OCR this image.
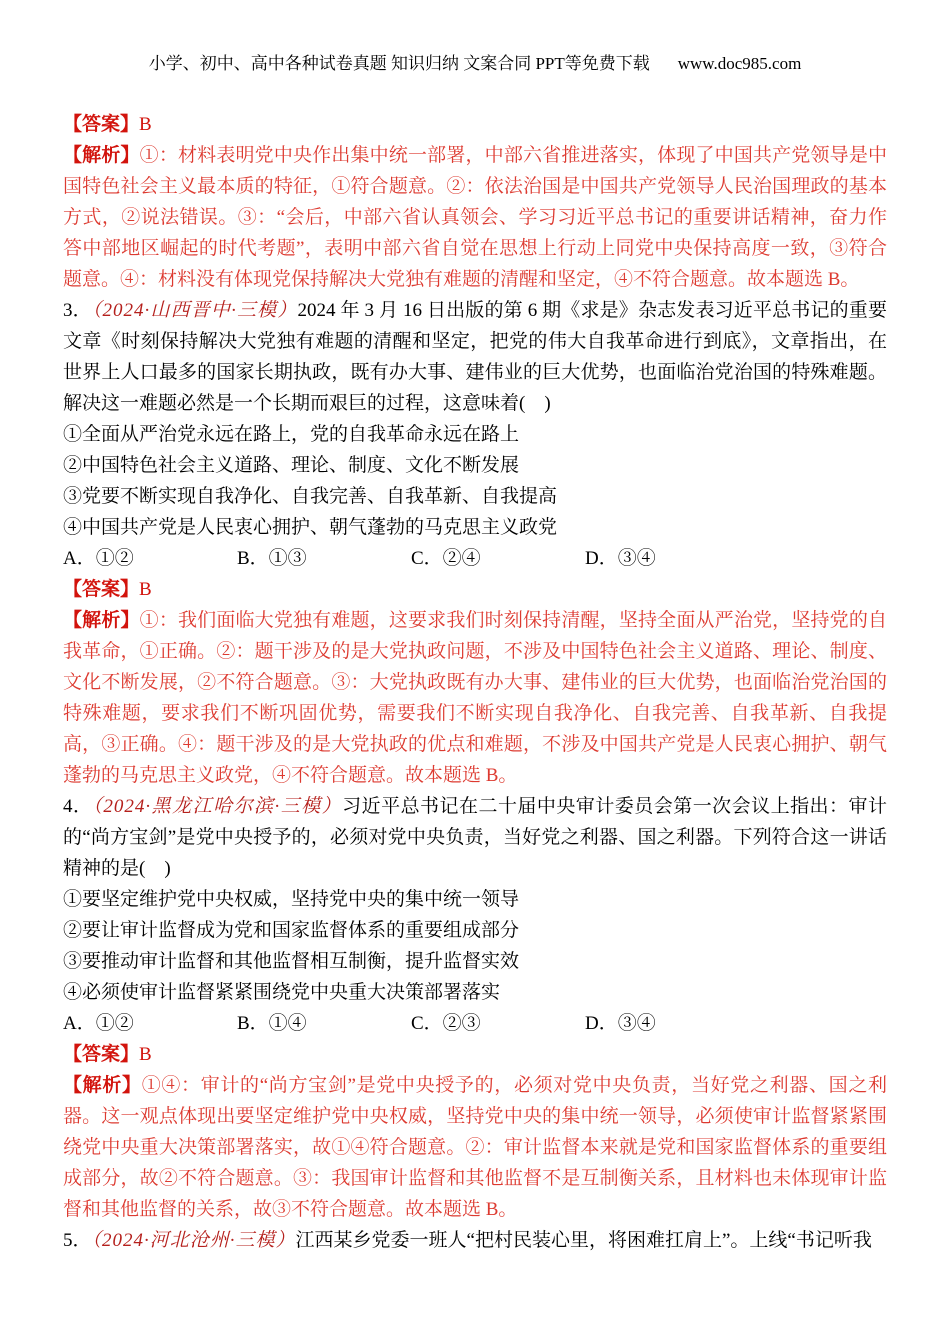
小学、初中、高中各种试卷真题 知识归纳 文案合同 PPT等免费下载 www.doc985.com

【答案】B

【解析】①：材料表明党中央作出集中统一部署，中部六省推进落实，体现了中国共产党领导是中国特色社会主义最本质的特征，①符合题意。②：依法治国是中国共产党领导人民治国理政的基本方式，②说法错误。③：“会后，中部六省认真领会、学习习近平总书记的重要讲话精神，奋力作答中部地区崛起的时代考题”，表明中部六省自觉在思想上行动上同党中央保持高度一致，③符合题意。④：材料没有体现党保持解决大党独有难题的清醒和坚定，④不符合题意。故本题选 B。

3．（2024·山西晋中·三模）2024 年 3 月 16 日出版的第 6 期《求是》杂志发表习近平总书记的重要文章《时刻保持解决大党独有难题的清醒和坚定，把党的伟大自我革命进行到底》，文章指出，在世界上人口最多的国家长期执政，既有办大事、建伟业的巨大优势，也面临治党治国的特殊难题。解决这一难题必然是一个长期而艰巨的过程，这意味着(　)

①全面从严治党永远在路上，党的自我革命永远在路上

②中国特色社会主义道路、理论、制度、文化不断发展

③党要不断实现自我净化、自我完善、自我革新、自我提高

④中国共产党是人民衷心拥护、朝气蓬勃的马克思主义政党

A．①②	B．①③	C．②④	D．③④

【答案】B

【解析】①：我们面临大党独有难题，这要求我们时刻保持清醒，坚持全面从严治党，坚持党的自我革命，①正确。②：题干涉及的是大党执政问题，不涉及中国特色社会主义道路、理论、制度、文化不断发展，②不符合题意。③：大党执政既有办大事、建伟业的巨大优势，也面临治党治国的特殊难题，要求我们不断巩固优势，需要我们不断实现自我净化、自我完善、自我革新、自我提高，③正确。④：题干涉及的是大党执政的优点和难题，不涉及中国共产党是人民衷心拥护、朝气蓬勃的马克思主义政党，④不符合题意。故本题选 B。

4．（2024·黑龙江哈尔滨·三模）习近平总书记在二十届中央审计委员会第一次会议上指出：审计的“尚方宝剑”是党中央授予的，必须对党中央负责，当好党之利器、国之利器。下列符合这一讲话精神的是(　)

①要坚定维护党中央权威，坚持党中央的集中统一领导

②要让审计监督成为党和国家监督体系的重要组成部分

③要推动审计监督和其他监督相互制衡，提升监督实效

④必须使审计监督紧紧围绕党中央重大决策部署落实

A．①②	B．①④	C．②③	D．③④

【答案】B

【解析】①④：审计的“尚方宝剑”是党中央授予的，必须对党中央负责，当好党之利器、国之利器。这一观点体现出要坚定维护党中央权威，坚持党中央的集中统一领导，必须使审计监督紧紧围绕党中央重大决策部署落实，故①④符合题意。②：审计监督本来就是党和国家监督体系的重要组成部分，故②不符合题意。③：我国审计监督和其他监督不是互制衡关系，且材料也未体现审计监督和其他监督的关系，故③不符合题意。故本题选 B。

5．（2024·河北沧州·三模）江西某乡党委一班人“把村民装心里，将困难扛肩上”。上线“书记听我
